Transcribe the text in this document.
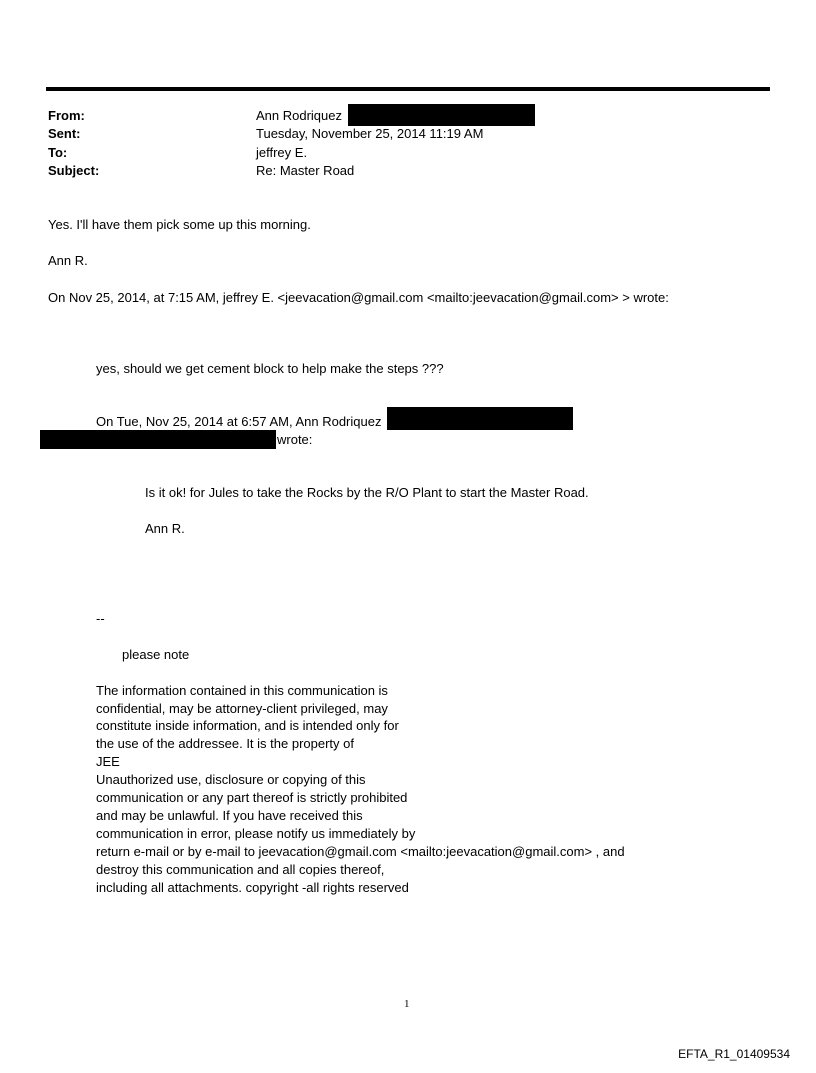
From:	Ann Rodriquez
Sent:	Tuesday, November 25, 2014 11:19 AM
To:	jeffrey E.
Subject:	Re: Master Road
Yes. I'll have them pick some up this morning.
Ann R.
On Nov 25, 2014, at 7:15 AM, jeffrey E. <jeevacation@gmail.com <mailto:jeevacation@gmail.com> > wrote:
yes, should we get cement block to help make the steps ???
On Tue, Nov 25, 2014 at 6:57 AM, Ann Rodriquez
wrote:
Is it ok! for Jules to take the Rocks by the R/O Plant to start the Master Road.
Ann R.
--
please note
The information contained in this communication is
confidential, may be attorney-client privileged, may
constitute inside information, and is intended only for
the use of the addressee. It is the property of
JEE
Unauthorized use, disclosure or copying of this
communication or any part thereof is strictly prohibited
and may be unlawful. If you have received this
communication in error, please notify us immediately by
return e-mail or by e-mail to jeevacation@gmail.com <mailto:jeevacation@gmail.com> , and
destroy this communication and all copies thereof,
including all attachments. copyright -all rights reserved
1
EFTA_R1_01409534
